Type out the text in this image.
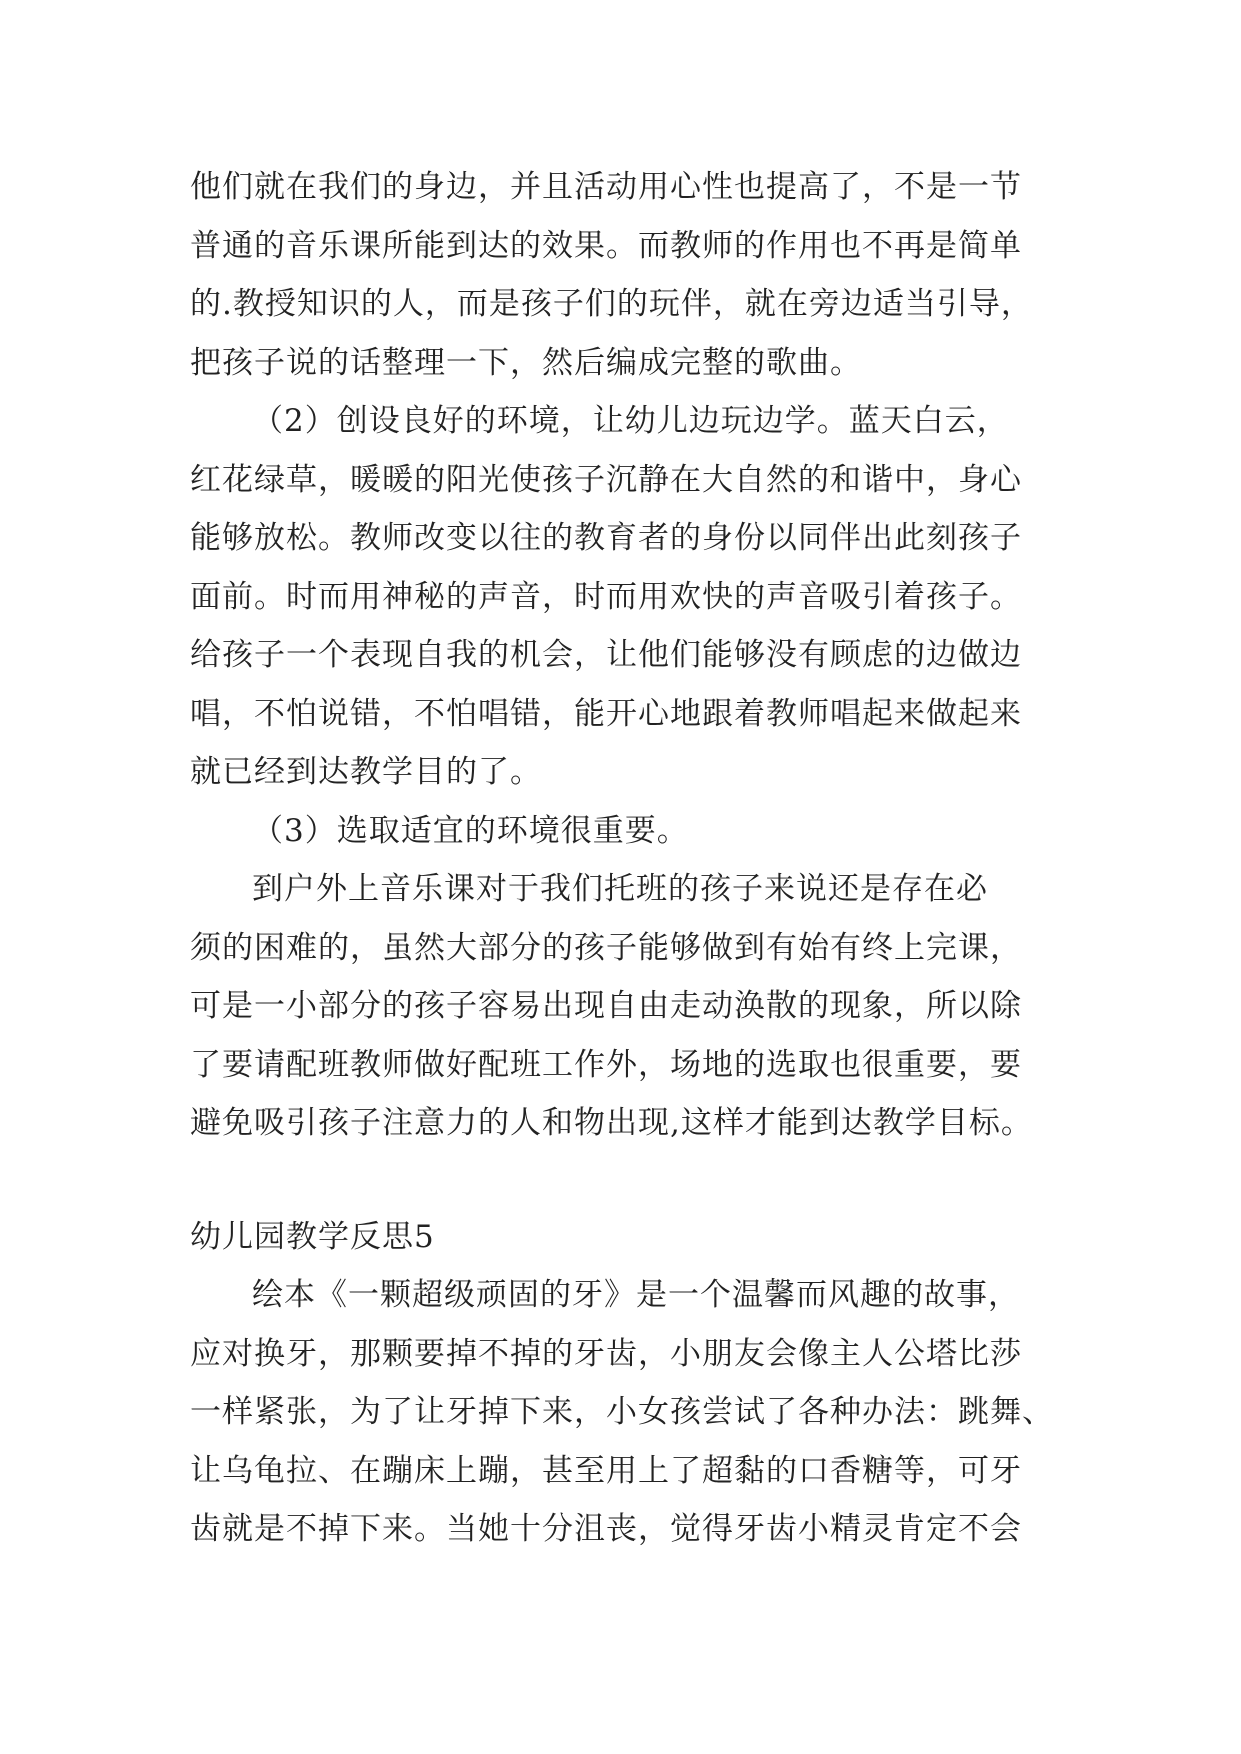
他们就在我们的身边，并且活动用心性也提高了，不是一节
普通的音乐课所能到达的效果。而教师的作用也不再是简单
的.教授知识的人，而是孩子们的玩伴，就在旁边适当引导，
把孩子说的话整理一下，然后编成完整的歌曲。
（2）创设良好的环境，让幼儿边玩边学。蓝天白云，
红花绿草，暖暖的阳光使孩子沉静在大自然的和谐中，身心
能够放松。教师改变以往的教育者的身份以同伴出此刻孩子
面前。时而用神秘的声音，时而用欢快的声音吸引着孩子。
给孩子一个表现自我的机会，让他们能够没有顾虑的边做边
唱，不怕说错，不怕唱错，能开心地跟着教师唱起来做起来
就已经到达教学目的了。
（3）选取适宜的环境很重要。
到户外上音乐课对于我们托班的孩子来说还是存在必
须的困难的，虽然大部分的孩子能够做到有始有终上完课，
可是一小部分的孩子容易出现自由走动涣散的现象，所以除
了要请配班教师做好配班工作外，场地的选取也很重要，要
避免吸引孩子注意力的人和物出现,这样才能到达教学目标。
幼儿园教学反思5
绘本《一颗超级顽固的牙》是一个温馨而风趣的故事，
应对换牙，那颗要掉不掉的牙齿，小朋友会像主人公塔比莎
一样紧张，为了让牙掉下来，小女孩尝试了各种办法：跳舞、
让乌龟拉、在蹦床上蹦，甚至用上了超黏的口香糖等，可牙
齿就是不掉下来。当她十分沮丧，觉得牙齿小精灵肯定不会
